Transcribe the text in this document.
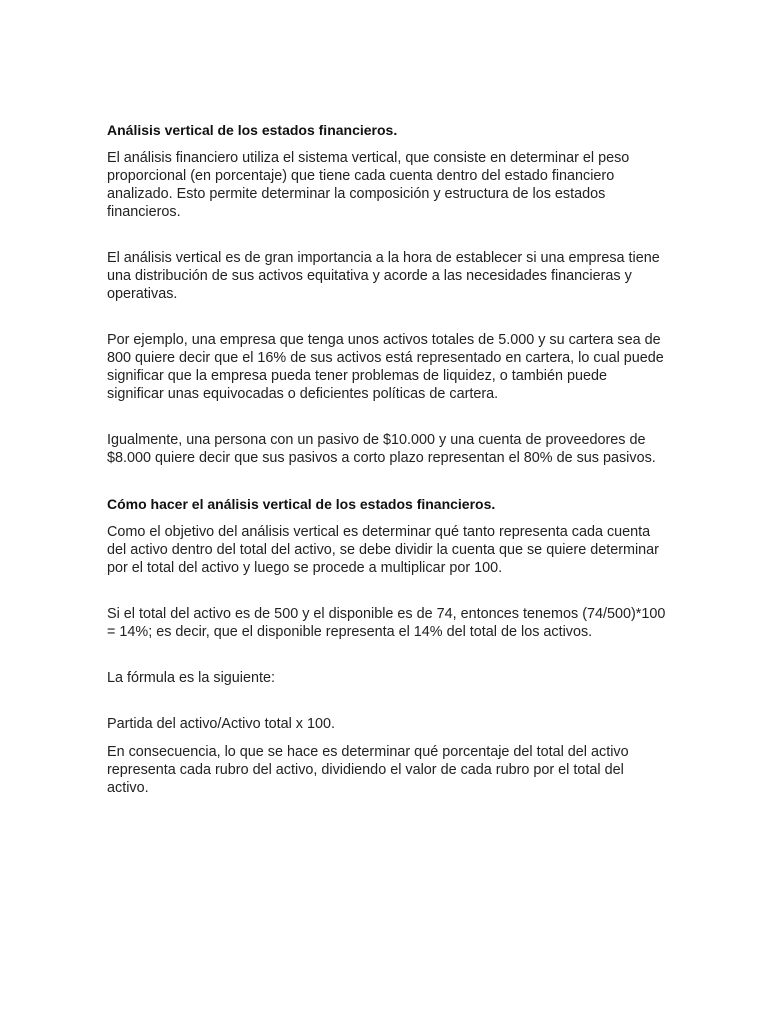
Análisis vertical de los estados financieros.

El análisis financiero utiliza el sistema vertical, que consiste en determinar el peso proporcional (en porcentaje) que tiene cada cuenta dentro del estado financiero analizado. Esto permite determinar la composición y estructura de los estados financieros.

El análisis vertical es de gran importancia a la hora de establecer si una empresa tiene una distribución de sus activos equitativa y acorde a las necesidades financieras y operativas.

Por ejemplo, una empresa que tenga unos activos totales de 5.000 y su cartera sea de 800 quiere decir que el 16% de sus activos está representado en cartera, lo cual puede significar que la empresa pueda tener problemas de liquidez, o también puede significar unas equivocadas o deficientes políticas de cartera.

Igualmente, una persona con un pasivo de $10.000 y una cuenta de proveedores de $8.000 quiere decir que sus pasivos a corto plazo representan el 80% de sus pasivos.

Cómo hacer el análisis vertical de los estados financieros.

Como el objetivo del análisis vertical es determinar qué tanto representa cada cuenta del activo dentro del total del activo, se debe dividir la cuenta que se quiere determinar por el total del activo y luego se procede a multiplicar por 100.

Si el total del activo es de 500 y el disponible es de 74, entonces tenemos (74/500)*100 = 14%; es decir, que el disponible representa el 14% del total de los activos.

La fórmula es la siguiente:

Partida del activo/Activo total x 100.

En consecuencia, lo que se hace es determinar qué porcentaje del total del activo representa cada rubro del activo, dividiendo el valor de cada rubro por el total del activo.
